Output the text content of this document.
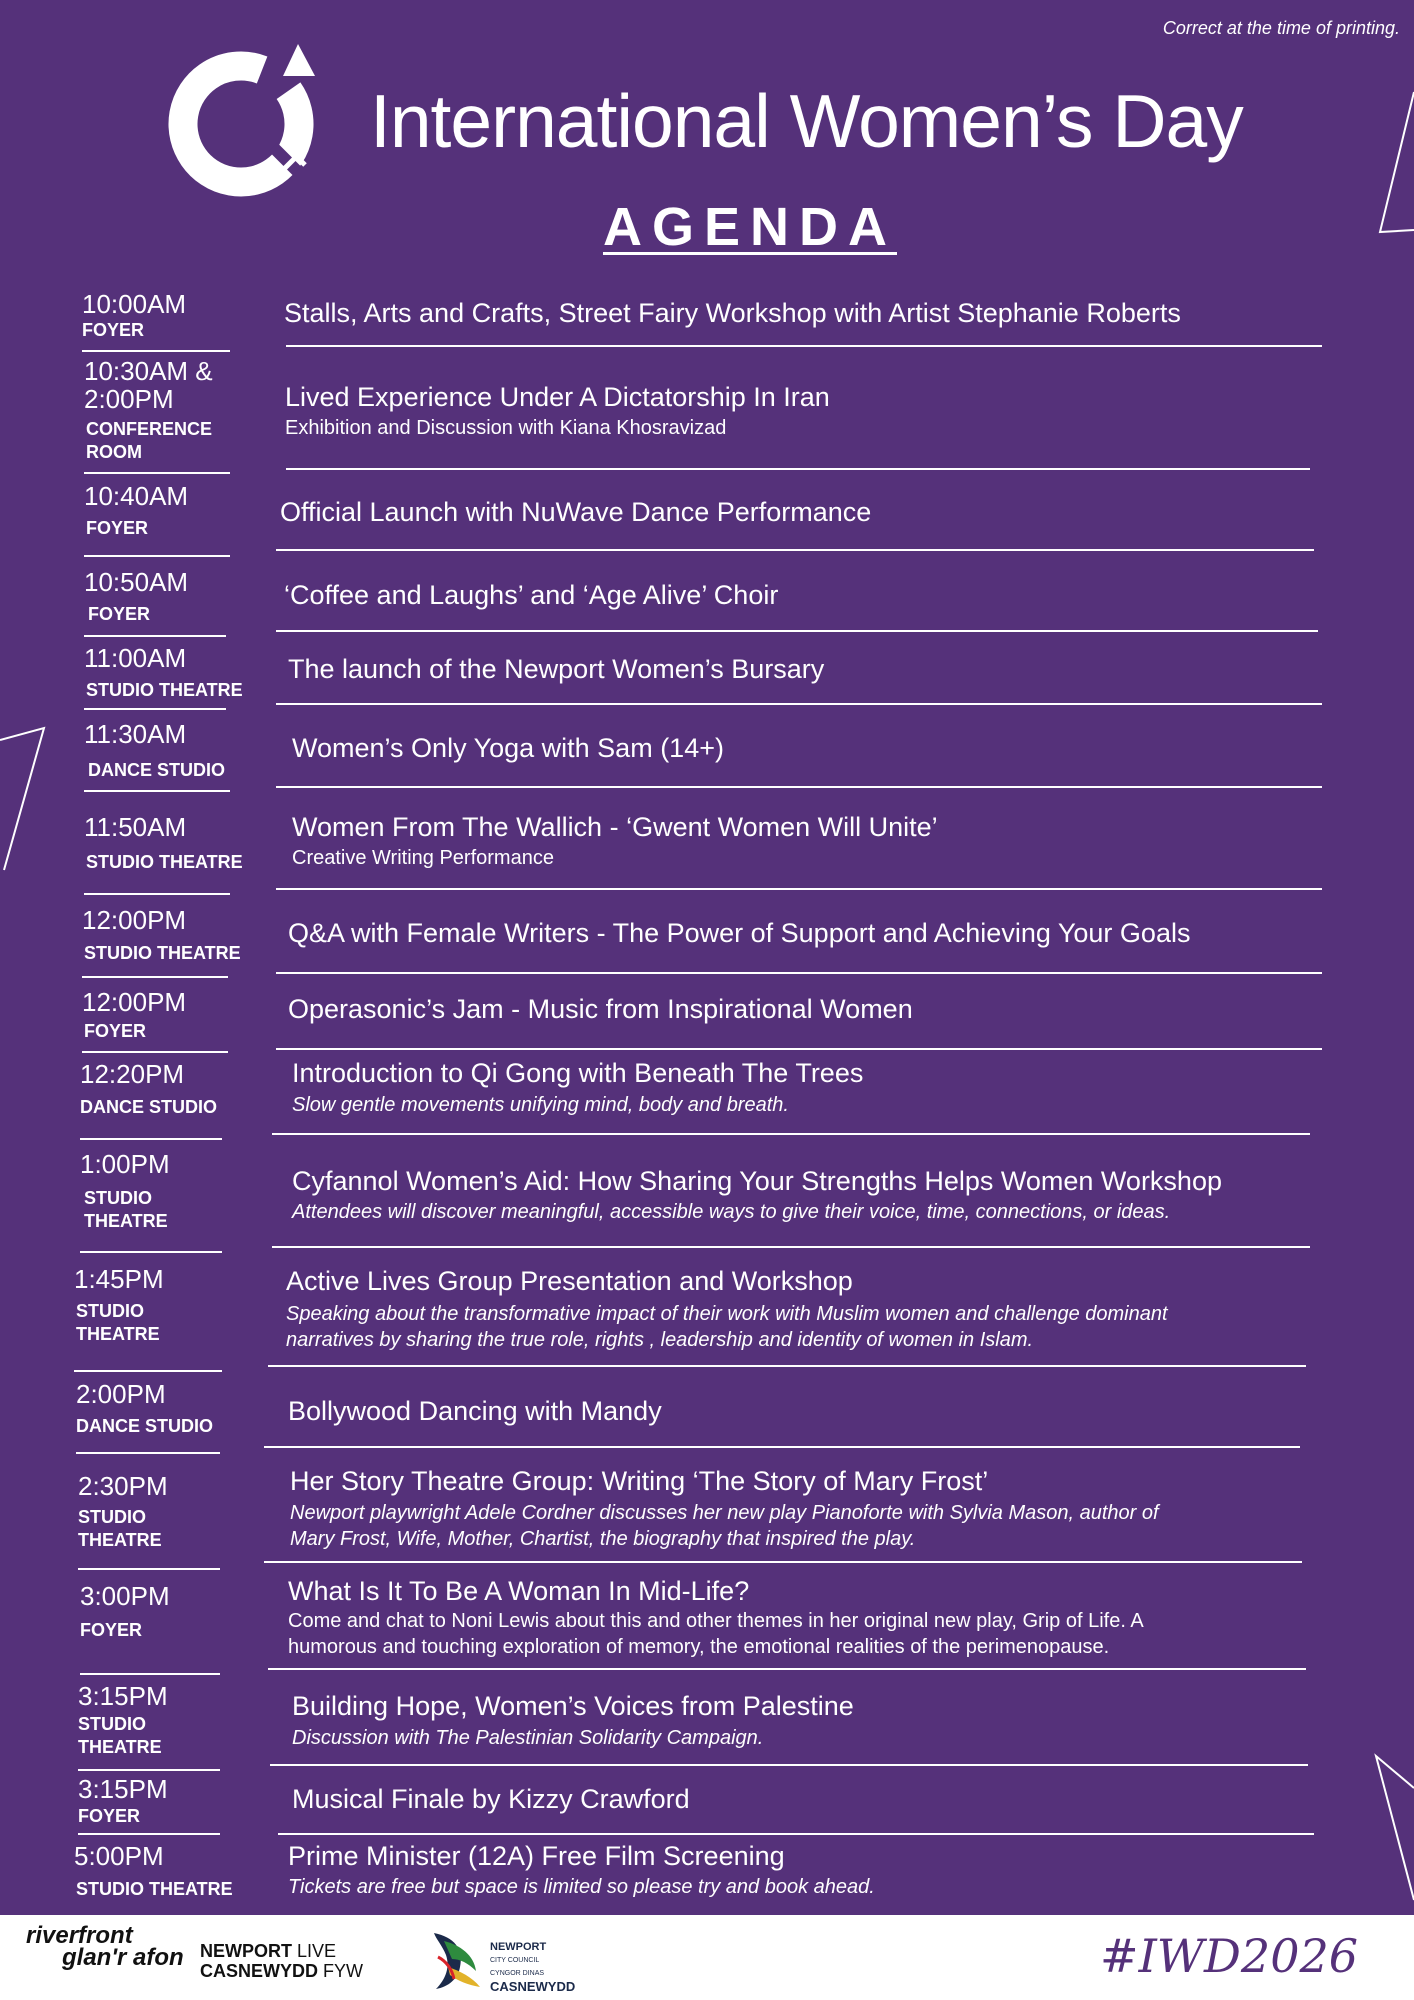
Correct at the time of printing.
International Women’s Day
AGENDA
10:00AM
FOYER
Stalls, Arts and Crafts, Street Fairy Workshop with Artist Stephanie Roberts
10:30AM &
2:00PM
CONFERENCE
ROOM
Lived Experience Under A Dictatorship In Iran
Exhibition and Discussion with Kiana Khosravizad
10:40AM
FOYER
Official Launch with NuWave Dance Performance
10:50AM
FOYER
‘Coffee and Laughs’ and ‘Age Alive’ Choir
11:00AM
STUDIO THEATRE
The launch of the Newport Women’s Bursary
11:30AM
DANCE STUDIO
Women’s Only Yoga with Sam (14+)
11:50AM
STUDIO THEATRE
Women From The Wallich - ‘Gwent Women Will Unite’
Creative Writing Performance
12:00PM
STUDIO THEATRE
Q&A with Female Writers - The Power of Support and Achieving Your Goals
12:00PM
FOYER
Operasonic’s Jam - Music from Inspirational Women
12:20PM
DANCE STUDIO
Introduction to Qi Gong with Beneath The Trees
Slow gentle movements unifying mind, body and breath.
1:00PM
STUDIO
THEATRE
Cyfannol Women’s Aid: How Sharing Your Strengths Helps Women Workshop
Attendees will discover meaningful, accessible ways to give their voice, time, connections, or ideas.
1:45PM
STUDIO
THEATRE
Active Lives Group Presentation and Workshop
Speaking about the transformative impact of their work with Muslim women and challenge dominant
narratives by sharing the true role, rights , leadership and identity of women in Islam.
2:00PM
DANCE STUDIO	Bollywood Dancing with Mandy
2:30PM
STUDIO
THEATRE
Her Story Theatre Group: Writing ‘The Story of Mary Frost’
Newport playwright Adele Cordner discusses her new play Pianoforte with Sylvia Mason, author of
Mary Frost, Wife, Mother, Chartist, the biography that inspired the play.
3:00PM
FOYER
What Is It To Be A Woman In Mid-Life?
Come and chat to Noni Lewis about this and other themes in her original new play, Grip of Life. A
humorous and touching exploration of memory, the emotional realities of the perimenopause.
3:15PM
STUDIO
THEATRE
Building Hope, Women’s Voices from Palestine
Discussion with The Palestinian Solidarity Campaign.
3:15PM
FOYER
Musical Finale by Kizzy Crawford
5:00PM
STUDIO THEATRE
Prime Minister (12A) Free Film Screening
Tickets are free but space is limited so please try and book ahead.
riverfront
glan'r afon NEWPORT LIVE
CASNEWYDD FYW
NEWPORT
CITY COUNCIL
CYNGOR DINAS
CASNEWYDD
#IWD2026
